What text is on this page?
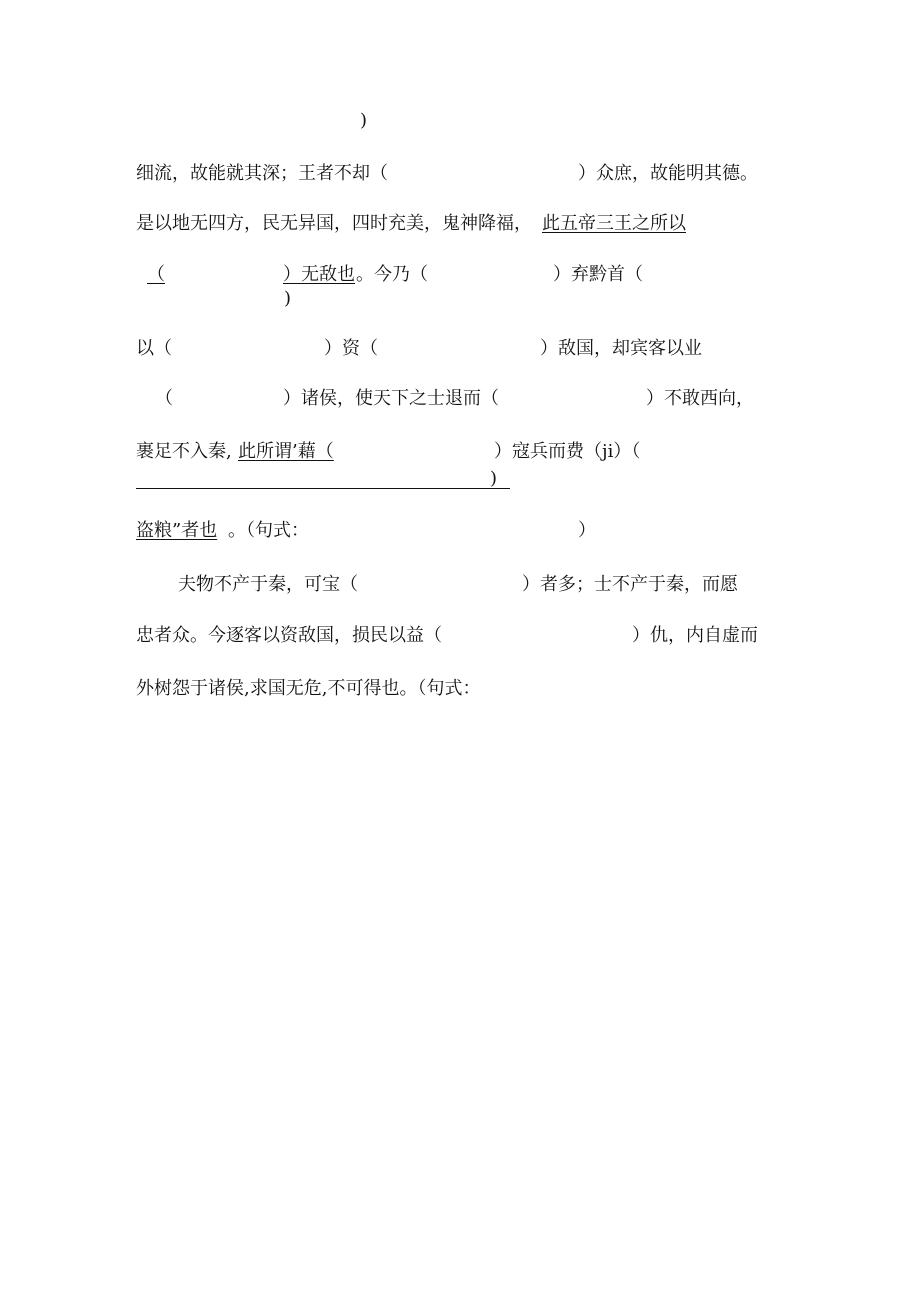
)
细流，故能就其深；王者不却（	）众庶，故能明其德。
是以地无四方，民无异国，四时充美，鬼神降福， 此五帝三王之所以
（	）无敌也 。今乃（	）弃黔首（
)
以（	）资（	）敌国，却宾客以业
（	）诸侯，使天下之士退而（	）不敢西向，
裹足不入秦, 此所谓’藉（	）寇兵而费（ji）（
)
盗粮”者也 。（句式：	）
夫物不产于秦，可宝（	）者多；士不产于秦，而愿
忠者众。今逐客以资敌国，损民以益（	）仇，内自虚而
外树怨于诸侯,求国无危,不可得也。（句式：
